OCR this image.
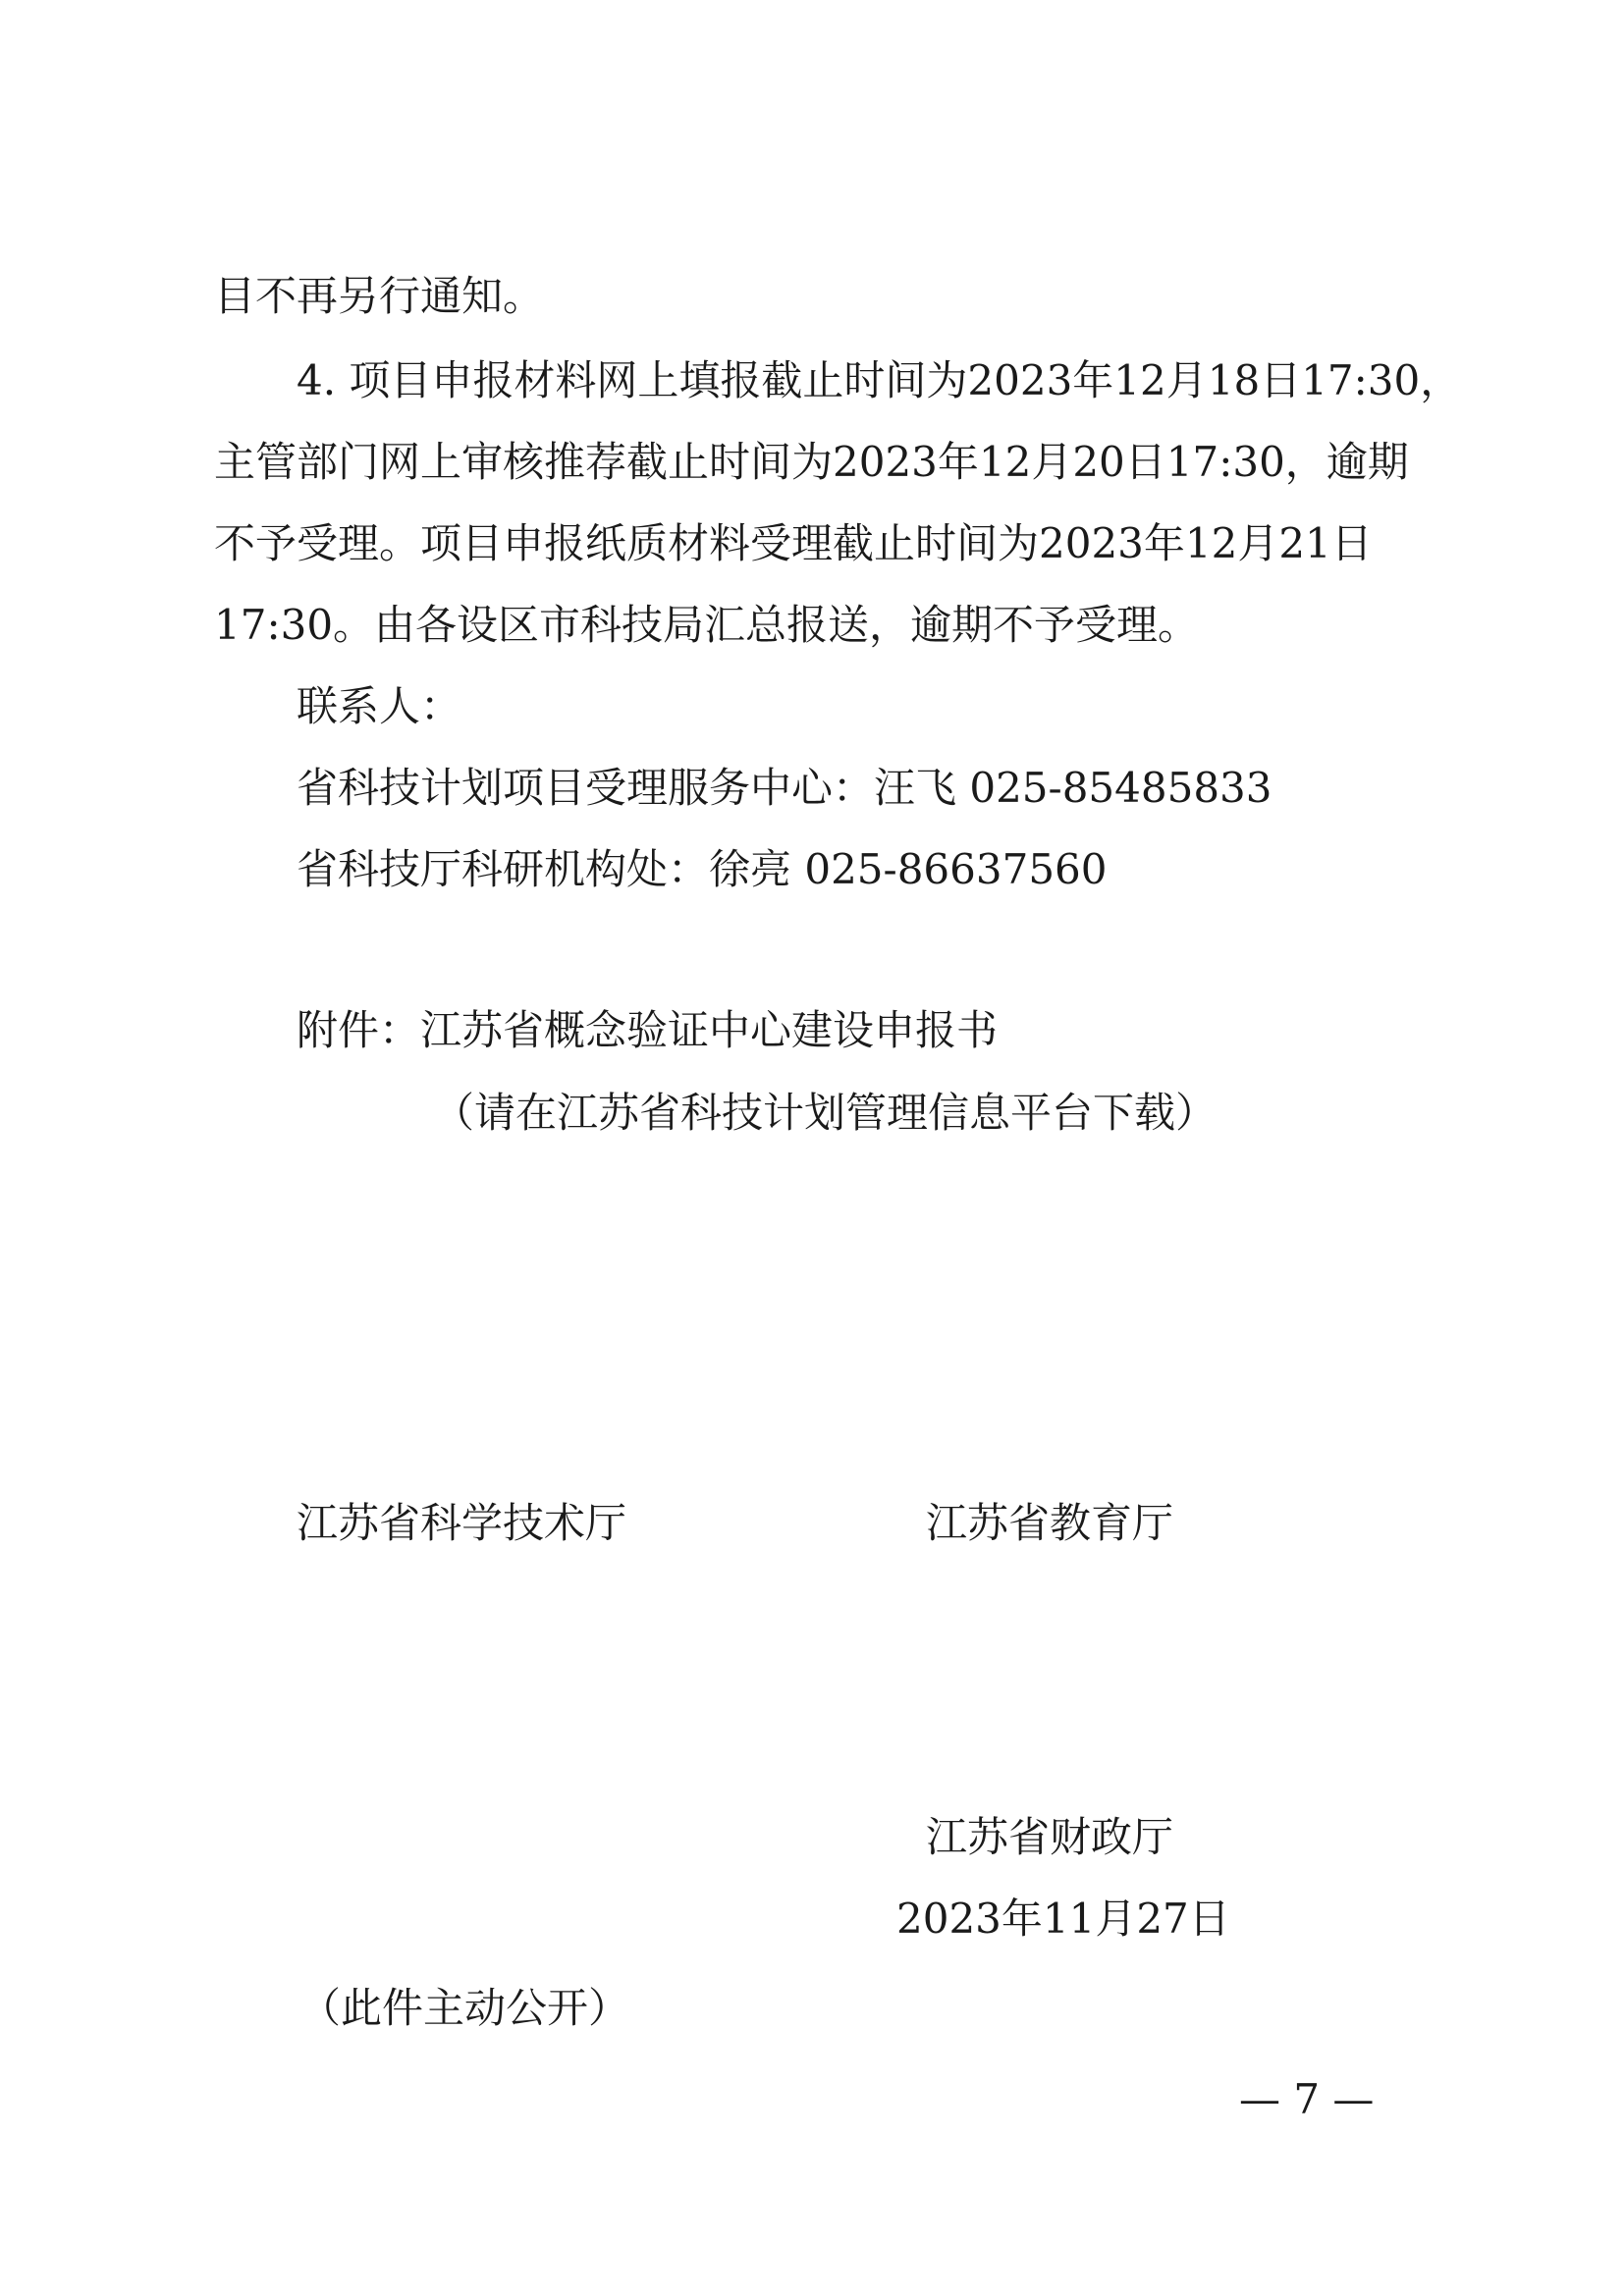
目不再另行通知。

4. 项目申报材料网上填报截止时间为2023年12月18日17:30，

主管部门网上审核推荐截止时间为2023年12月20日17:30，逾期

不予受理。项目申报纸质材料受理截止时间为2023年12月21日

17:30。由各设区市科技局汇总报送，逾期不予受理。

联系人：

省科技计划项目受理服务中心：汪飞 025-85485833

省科技厅科研机构处：徐亮 025-86637560

附件：江苏省概念验证中心建设申报书

（请在江苏省科技计划管理信息平台下载）

江苏省科学技术厅	江苏省教育厅

江苏省财政厅

2023年11月27日

（此件主动公开）

— 7 —
